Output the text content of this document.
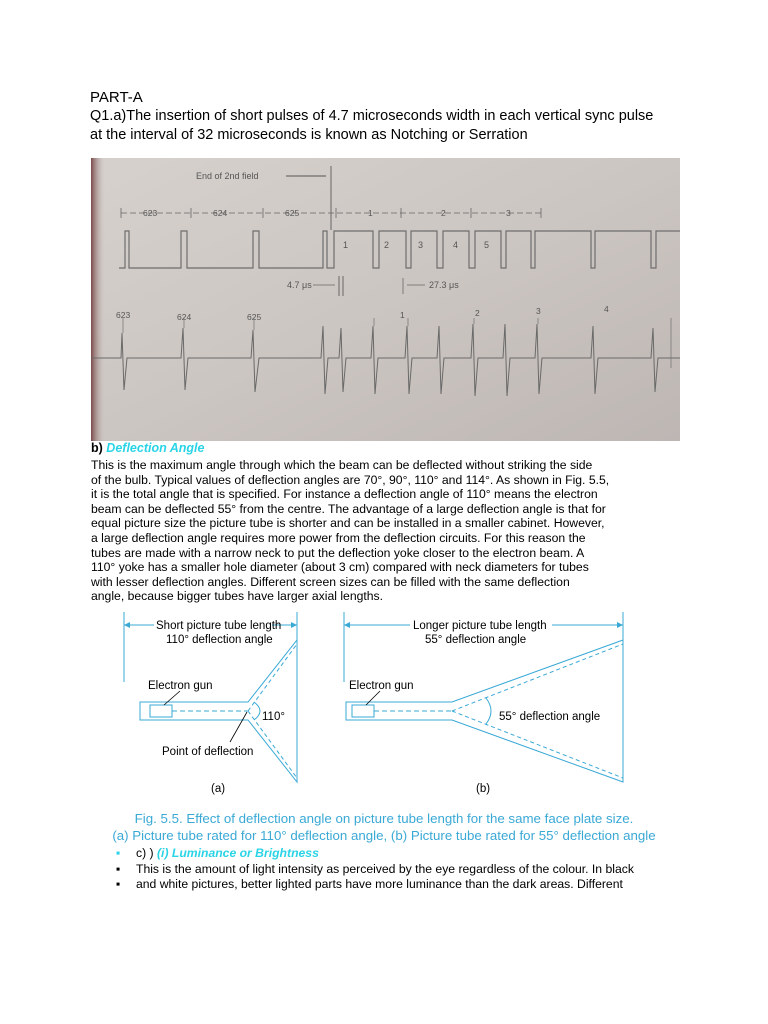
PART-A
Q1.a)The insertion of short pulses of 4.7 microseconds width in each vertical sync pulse
at the interval of 32 microseconds is known as Notching or Serration
End of 2nd field
623	624	625	1	2	3
1	2	3	4	5
4.7 μs	27.3 μs
623	624	625	1	2	3	4
b) Deflection Angle
This is the maximum angle through which the beam can be deflected without striking the side
of the bulb. Typical values of deflection angles are 70°, 90°, 110° and 114°. As shown in Fig. 5.5,
it is the total angle that is specified. For instance a deflection angle of 110° means the electron
beam can be deflected 55° from the centre. The advantage of a large deflection angle is that for
equal picture size the picture tube is shorter and can be installed in a smaller cabinet. However,
a large deflection angle requires more power from the deflection circuits. For this reason the
tubes are made with a narrow neck to put the deflection yoke closer to the electron beam. A
110° yoke has a smaller hole diameter (about 3 cm) compared with neck diameters for tubes
with lesser deflection angles. Different screen sizes can be filled with the same deflection
angle, because bigger tubes have larger axial lengths.
Short picture tube length
110° deflection angle
Electron gun
110°
Point of deflection
(a)
Longer picture tube length
55° deflection angle
Electron gun
55° deflection angle
(b)
Fig. 5.5. Effect of deflection angle on picture tube length for the same face plate size.
(a) Picture tube rated for 110° deflection angle, (b) Picture tube rated for 55° deflection angle
▪ c) ) (i) Luminance or Brightness
▪ This is the amount of light intensity as perceived by the eye regardless of the colour. In black
▪ and white pictures, better lighted parts have more luminance than the dark areas. Different
